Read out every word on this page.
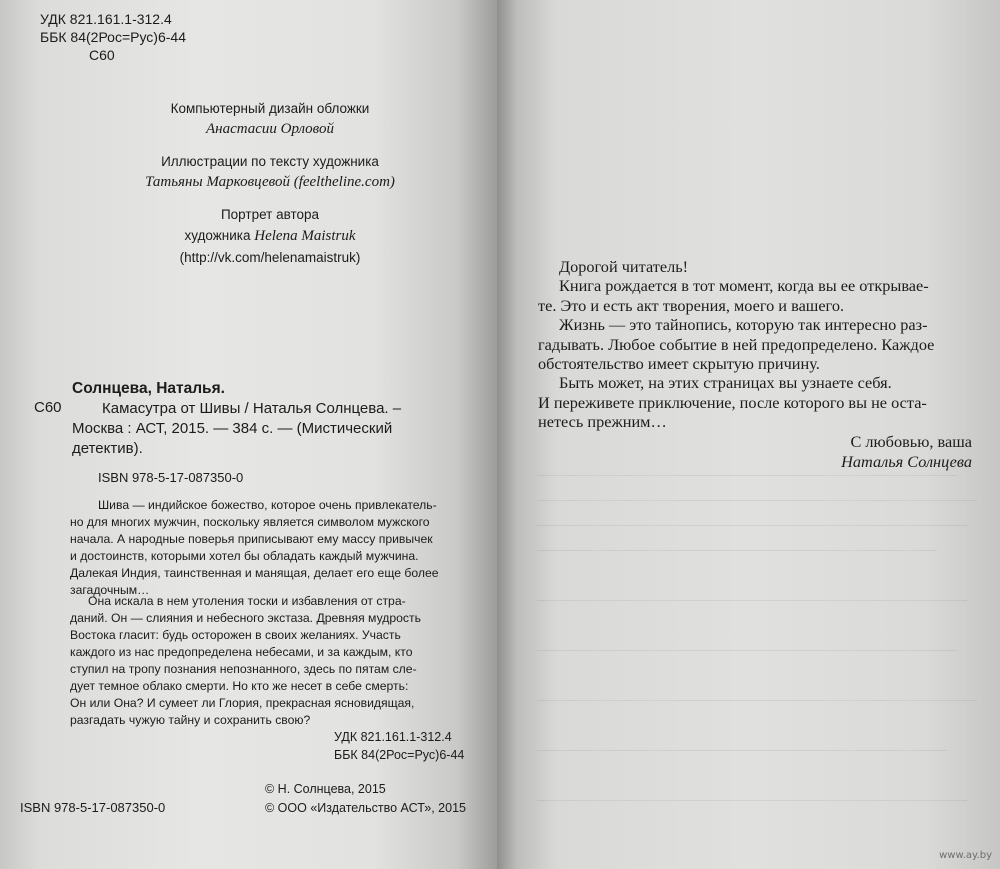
УДК 821.161.1-312.4
ББК 84(2Рос=Рус)6-44
С60
Компьютерный дизайн обложки
Анастасии Орловой
Иллюстрации по тексту художника
Татьяны Марковцевой (feeltheline.com)
Портрет автора
художника Helena Maistruk
(http://vk.com/helenamaistruk)
Солнцева, Наталья.
С60	Камасутра от Шивы / Наталья Солнцева. –
Москва : АСТ, 2015. — 384 с. — (Мистический
детектив).
ISBN 978-5-17-087350-0
Шива — индийское божество, которое очень привлекатель-
но для многих мужчин, поскольку является символом мужского
начала. А народные поверья приписывают ему массу привычек
и достоинств, которыми хотел бы обладать каждый мужчина.
Далекая Индия, таинственная и манящая, делает его еще более
загадочным…
Она искала в нем утоления тоски и избавления от стра-
даний. Он — слияния и небесного экстаза. Древняя мудрость
Востока гласит: будь осторожен в своих желаниях. Участь
каждого из нас предопределена небесами, и за каждым, кто
ступил на тропу познания непознанного, здесь по пятам сле-
дует темное облако смерти. Но кто же несет в себе смерть:
Он или Она? И сумеет ли Глория, прекрасная ясновидящая,
разгадать чужую тайну и сохранить свою?
УДК 821.161.1-312.4
ББК 84(2Рос=Рус)6-44
© Н. Солнцева, 2015
© ООО «Издательство АСТ», 2015
ISBN 978-5-17-087350-0
Дорогой читатель!
Книга рождается в тот момент, когда вы ее открывае-
те. Это и есть акт творения, моего и вашего.
Жизнь — это тайнопись, которую так интересно раз-
гадывать. Любое событие в ней предопределено. Каждое
обстоятельство имеет скрытую причину.
Быть может, на этих страницах вы узнаете себя.
И переживете приключение, после которого вы не оста-
нетесь прежним…
С любовью, ваша
Наталья Солнцева
www.ay.by
